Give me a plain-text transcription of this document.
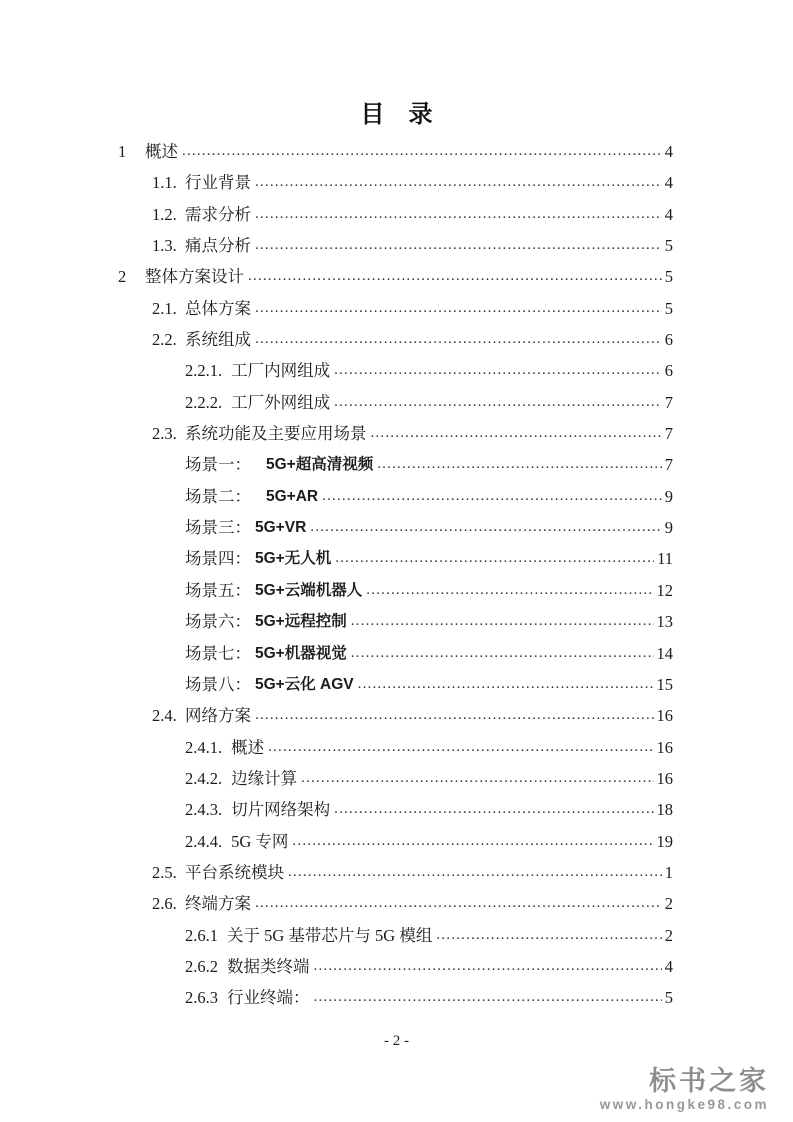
目　录
1	概述 .....	4
1.1. 行业背景 .....	4
1.2. 需求分析 .....	4
1.3. 痛点分析 .....	5
2	整体方案设计 .....	5
2.1. 总体方案 .....	5
2.2. 系统组成 .....	6
2.2.1. 工厂内网组成 .....	6
2.2.2. 工厂外网组成 .....	7
2.3. 系统功能及主要应用场景 .....	7
场景一： 5G+超高清视频 .....	7
场景二： 5G+AR .....	9
场景三： 5G+VR .....	9
场景四： 5G+无人机 .....	11
场景五： 5G+云端机器人 .....	12
场景六： 5G+远程控制 .....	13
场景七： 5G+机器视觉 .....	14
场景八： 5G+云化 AGV .....	15
2.4. 网络方案 .....	16
2.4.1. 概述 .....	16
2.4.2. 边缘计算 .....	16
2.4.3. 切片网络架构 .....	18
2.4.4. 5G 专网 .....	19
2.5. 平台系统模块 .....	1
2.6. 终端方案 .....	2
2.6.1 关于 5G 基带芯片与 5G 模组 .....	2
2.6.2 数据类终端 .....	4
2.6.3 行业终端： .....	5
- 2 -
标书之家
www.hongke98.com
